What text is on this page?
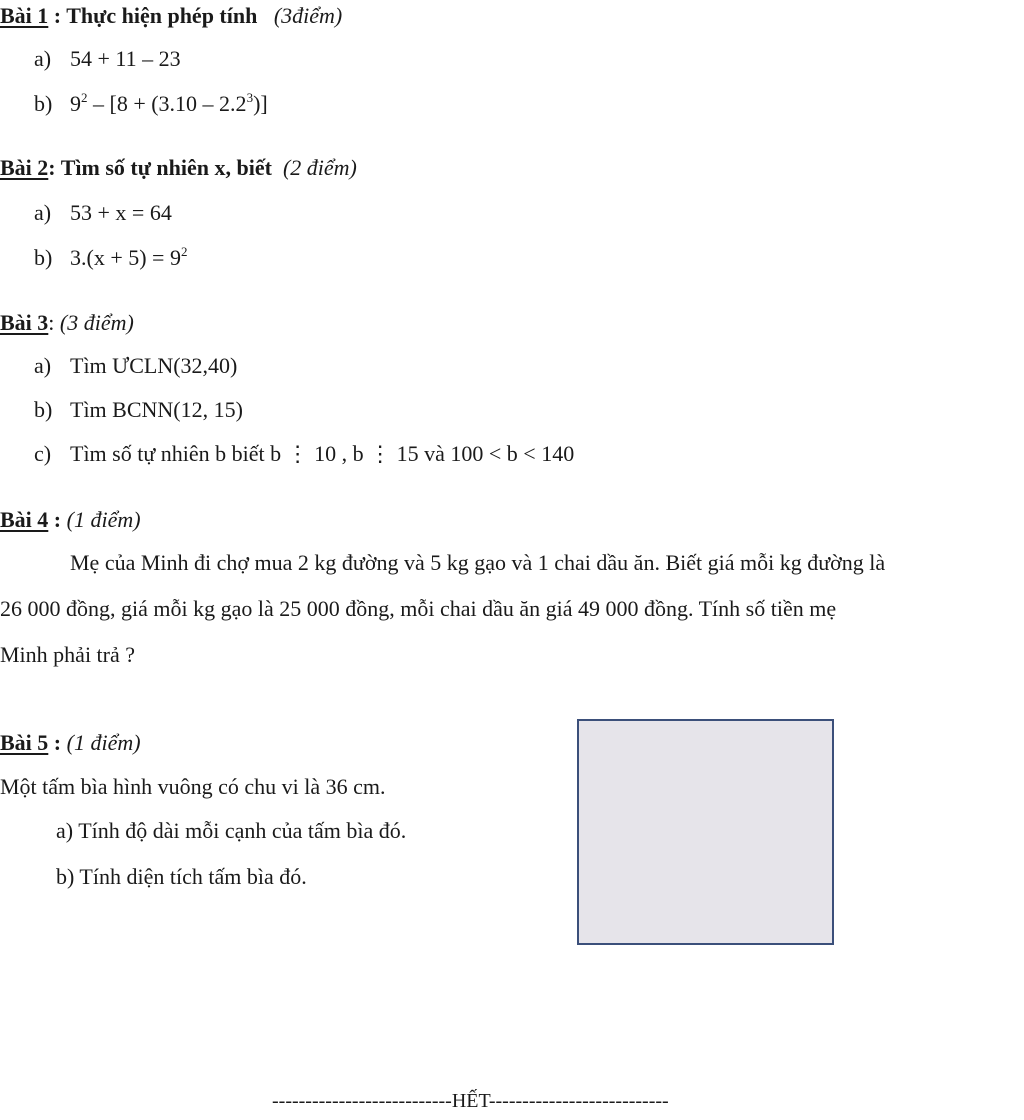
Bài 1 : Thực hiện phép tính (3điểm)
a) 54 + 11 – 23
b) $9^2 - [8 + (3.10 - 2.2^3)]$
Bài 2: Tìm số tự nhiên x, biết (2 điểm)
a) 53 + x = 64
b) $3.(x + 5) = 9^2$
Bài 3: (3 điểm)
a) Tìm ƯCLN(32,40)
b) Tìm BCNN(12, 15)
c) Tìm số tự nhiên b biết b ⋮ 10 , b ⋮ 15 và 100 < b < 140
Bài 4 : (1 điểm)
Mẹ của Minh đi chợ mua 2 kg đường và 5 kg gạo và 1 chai dầu ăn. Biết giá mỗi kg đường là
26 000 đồng, giá mỗi kg gạo là 25 000 đồng, mỗi chai dầu ăn giá 49 000 đồng. Tính số tiền mẹ
Minh phải trả ?
Bài 5 : (1 điểm)
Một tấm bìa hình vuông có chu vi là 36 cm.
a) Tính độ dài mỗi cạnh của tấm bìa đó.
b) Tính diện tích tấm bìa đó.
---------------------------HẾT---------------------------
